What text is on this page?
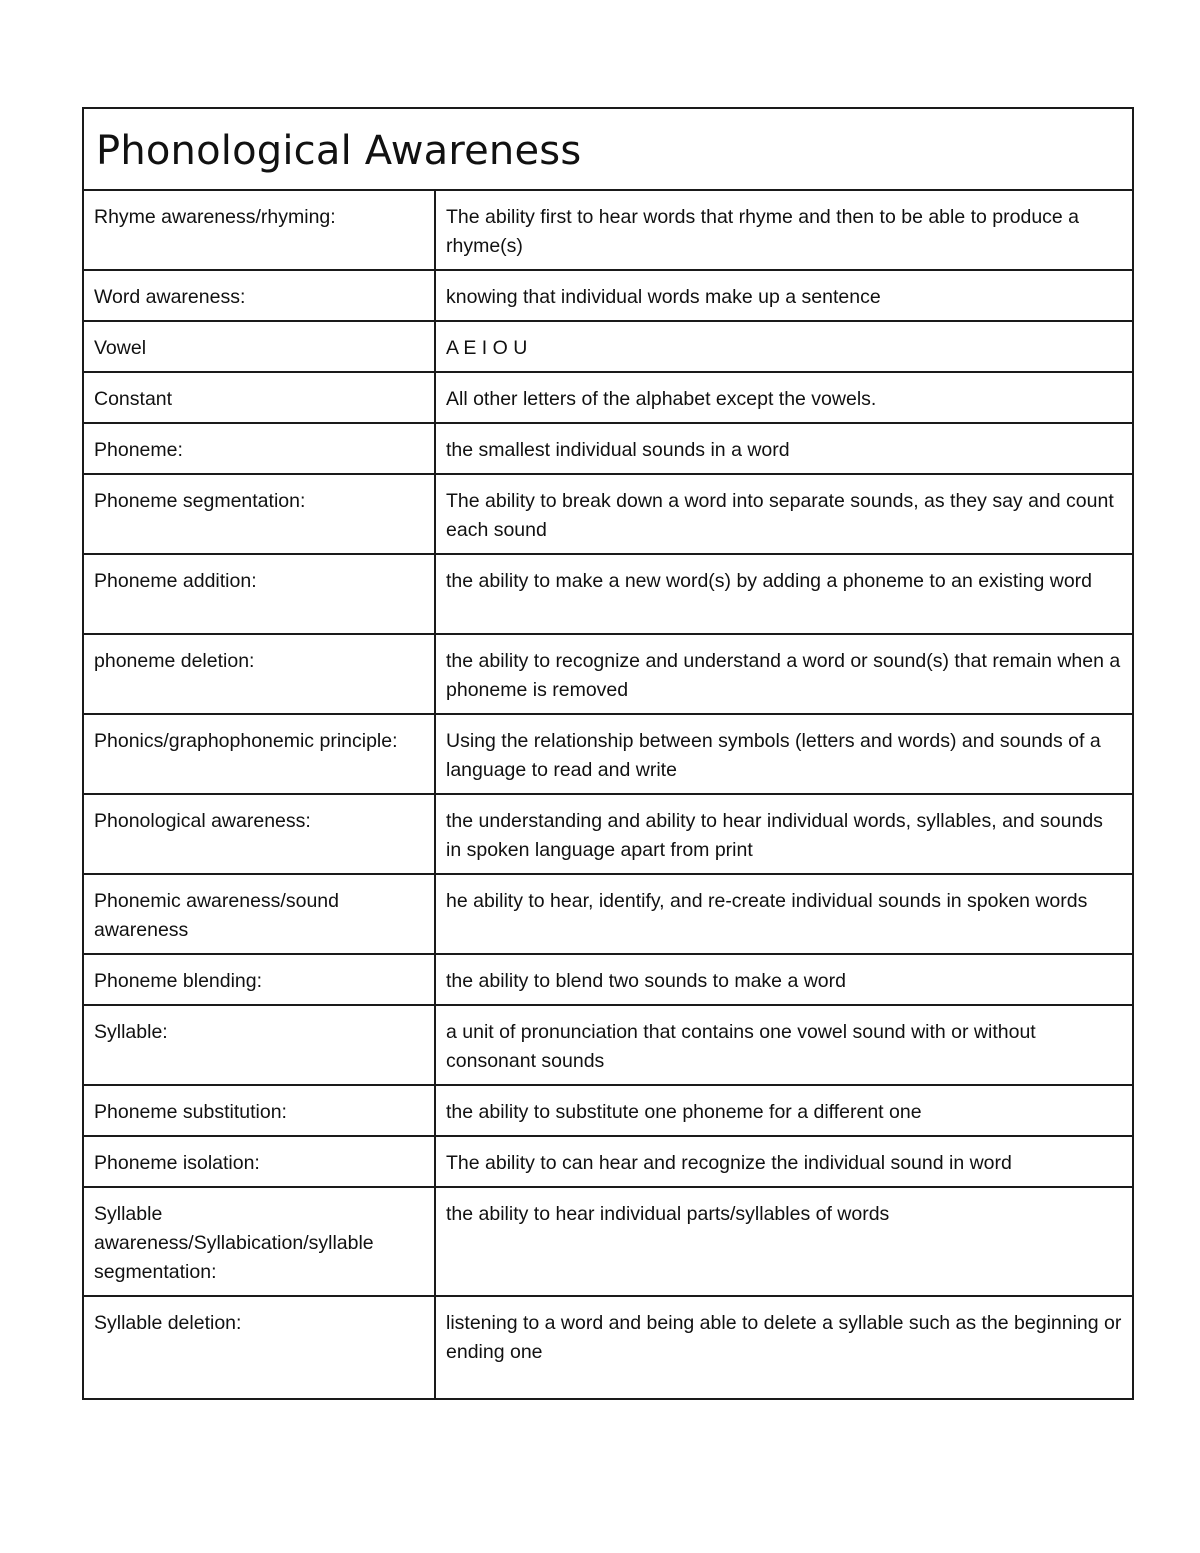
Phonological Awareness	

Rhyme awareness/rhyming:	The ability first to hear words that rhyme and then to be able to produce a rhyme(s)
Word awareness:	knowing that individual words make up a sentence
Vowel	A E I O U
Constant	All other letters of the alphabet except the vowels.
Phoneme:	the smallest individual sounds in a word
Phoneme segmentation:	The ability to break down a word into separate sounds, as they say and count each sound
Phoneme addition:	the ability to make a new word(s) by adding a phoneme to an existing word
phoneme deletion:	the ability to recognize and understand a word or sound(s) that remain when a phoneme is removed
Phonics/graphophonemic principle:	Using the relationship between symbols (letters and words) and sounds of a language to read and write
Phonological awareness:	the understanding and ability to hear individual words, syllables, and sounds in spoken language apart from print
Phonemic awareness/sound awareness	he ability to hear, identify, and re-create individual sounds in spoken words
Phoneme blending:	the ability to blend two sounds to make a word
Syllable:	a unit of pronunciation that contains one vowel sound with or without consonant sounds
Phoneme substitution:	the ability to substitute one phoneme for a different one
Phoneme isolation:	The ability to can hear and recognize the individual sound in word
Syllable awareness/Syllabication/syllable segmentation:	the ability to hear individual parts/syllables of words
Syllable deletion:	listening to a word and being able to delete a syllable such as the beginning or ending one
